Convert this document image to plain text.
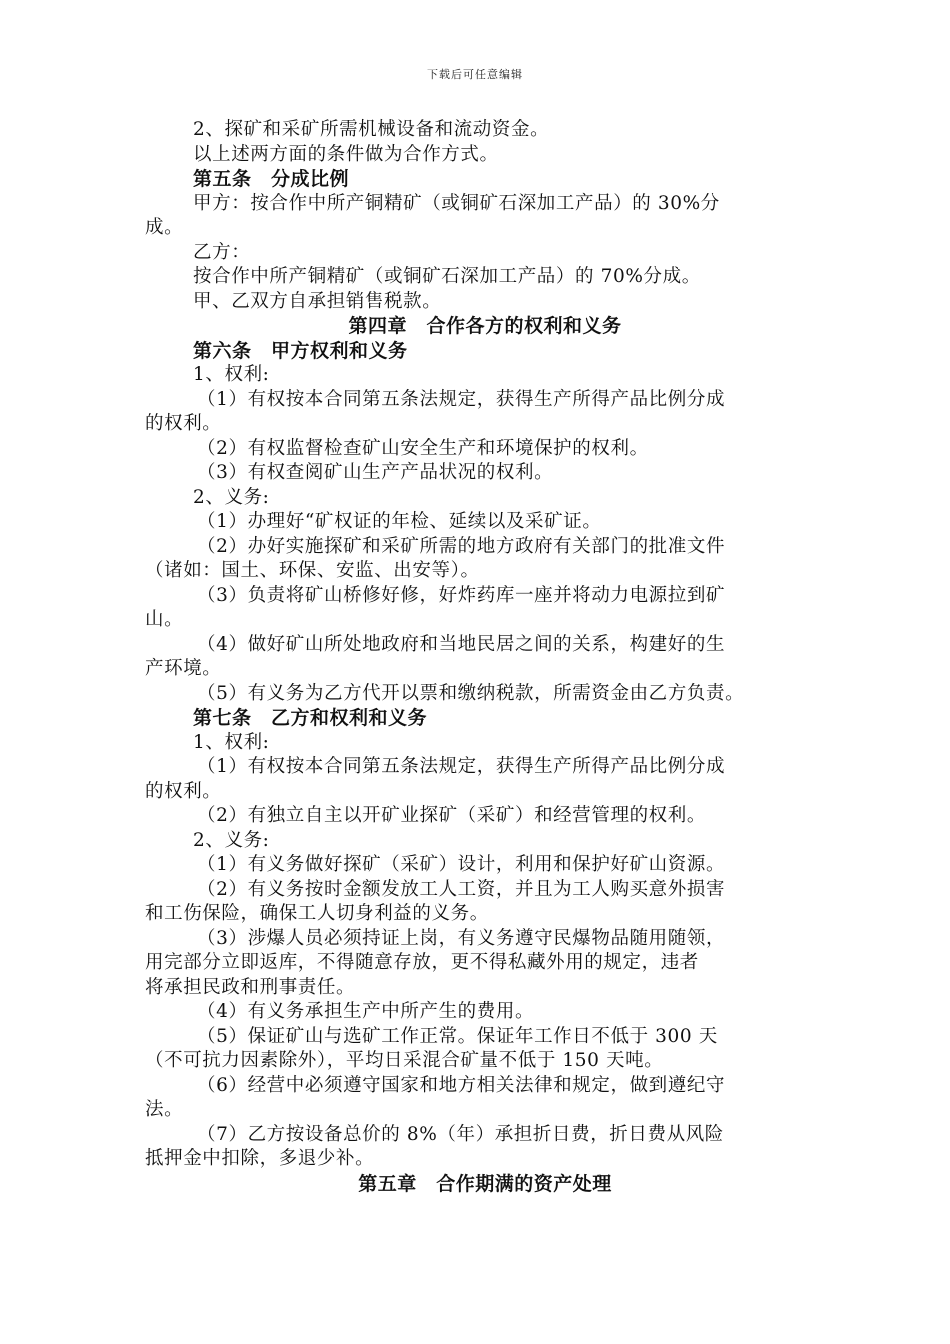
下载后可任意编辑
2、探矿和采矿所需机械设备和流动资金。
以上述两方面的条件做为合作方式。
第五条　分成比例
甲方：按合作中所产铜精矿（或铜矿石深加工产品）的 30%分
成。
乙方：
按合作中所产铜精矿（或铜矿石深加工产品）的 70%分成。
甲、乙双方自承担销售税款。
第四章　合作各方的权利和义务
第六条　甲方权利和义务
1、权利:
（1）有权按本合同第五条法规定，获得生产所得产品比例分成
的权利。
（2）有权监督检查矿山安全生产和环境保护的权利。
（3）有权查阅矿山生产产品状况的权利。
2、义务:
（1）办理好“矿权证的年检、延续以及采矿证。
（2）办好实施探矿和采矿所需的地方政府有关部门的批准文件
（诸如：国土、环保、安监、出安等）。
（3）负责将矿山桥修好修，好炸药库一座并将动力电源拉到矿
山。
（4）做好矿山所处地政府和当地民居之间的关系，构建好的生
产环境。
（5）有义务为乙方代开以票和缴纳税款，所需资金由乙方负责。
第七条　乙方和权利和义务
1、权利:
（1）有权按本合同第五条法规定，获得生产所得产品比例分成
的权利。
（2）有独立自主以开矿业探矿（采矿）和经营管理的权利。
2、义务:
（1）有义务做好探矿（采矿）设计，利用和保护好矿山资源。
（2）有义务按时金额发放工人工资，并且为工人购买意外损害
和工伤保险，确保工人切身利益的义务。
（3）涉爆人员必须持证上岗，有义务遵守民爆物品随用随领，
用完部分立即返库，不得随意存放，更不得私藏外用的规定，违者
将承担民政和刑事责任。
（4）有义务承担生产中所产生的费用。
（5）保证矿山与选矿工作正常。保证年工作日不低于 300 天
（不可抗力因素除外），平均日采混合矿量不低于 150 天吨。
（6）经营中必须遵守国家和地方相关法律和规定，做到遵纪守
法。
（7）乙方按设备总价的 8%（年）承担折日费，折日费从风险
抵押金中扣除，多退少补。
第五章　合作期满的资产处理
